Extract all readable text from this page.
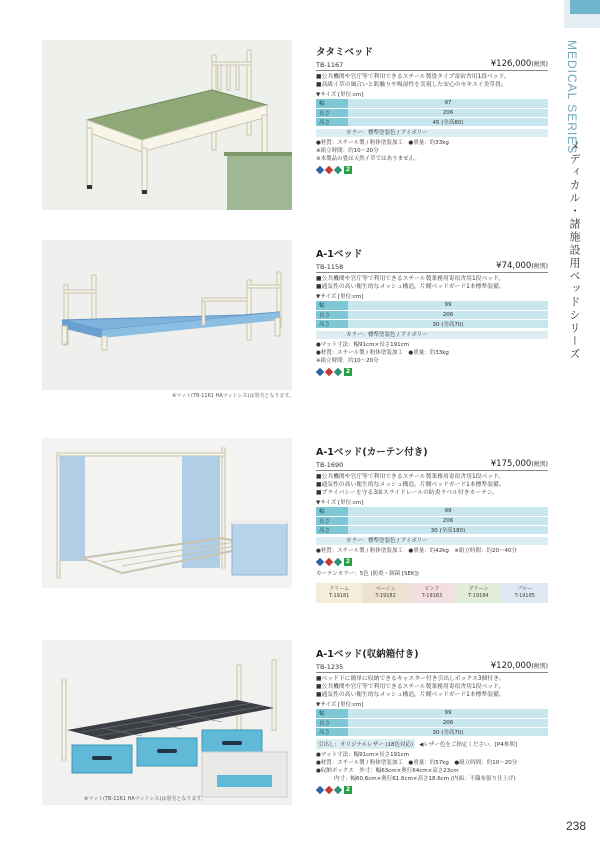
MEDICAL SERIES
メディカル・諸施設用ベッドシリーズ
タタミベッド
TB-1167	¥126,000(税別)
■公共機関や官庁等で利用できるスチール製畳タイプ寄宿舎用1段ベッド。
■高級イ草の風合いと肌触りや吸湿性を実現した安心のセキスイ美草畳。
▼サイズ [単位:cm]
幅	97
長さ	206
高さ	45 (全高80)
カラー：標準塗装色 / アイボリー
●材質：スチール製 / 粉体塗装加工　●重量：約33kg
※組立時間：約10〜20分
※本製品の畳は天然イ草ではありません。
2
※マット(TB-1161 HAマットレス)は別売となります。
A-1ベッド
TB-1158	¥74,000(税別)
■公共機関や官庁等で利用できるスチール製業務用寄宿舎用1段ベッド。
■通気性の高い衛生的なメッシュ構造。片側ベッドガード1本標準装備。
▼サイズ [単位:cm]
幅	99
長さ	206
高さ	30 (全高70)
カラー：標準塗装色 / アイボリー
●マット寸法：幅91cm×長さ191cm
●材質：スチール製 / 粉体塗装加工　●重量：約33kg
※組立時間：約10〜20分
2
A-1ベッド(カーテン付き)
TB-1690	¥175,000(税別)
■公共機関や官庁等で利用できるスチール製業務用寄宿舎用1段ベッド。
■通気性の高い衛生的なメッシュ構造。片側ベッドガード1本標準装備。
■プライバシーを守る3面スライドレールの防炎ラベル付きカーテン。
▼サイズ [単位:cm]
幅	99
長さ	206
高さ	30 (全高180)
カラー：標準塗装色 / アイボリー
●材質：スチール製 / 粉体塗装加工　●重量：約42kg　※組立時間：約20〜40分
2
カーテンカラー：5色 (防炎・制菌 [SEK])
クリーム
T-19181
ベージュ
T-19182
ピンク
T-19183
グリーン
T-19184
ブルー
T-19185
※マット(TB-1161 HAマットレス)は別売となります。
A-1ベッド(収納箱付き)
TB-1235	¥120,000(税別)
■ベッド下に簡単に収納できるキャスター付き引出しボックス3個付き。
■公共機関や官庁等で利用できるスチール製業務用寄宿舎用1段ベッド。
■通気性の高い衛生的なメッシュ構造。片側ベッドガード1本標準装備。
▼サイズ [単位:cm]
幅	99
長さ	206
高さ	30 (全高70)
引出し：オリジナルレザー (18色対応)	◀レザー色をご指定ください。[P4参照]
●マット寸法：幅91cm×長さ191cm
●材質：スチール製 / 粉体塗装加工　●重量：約57kg　●組立時間：約10〜20分
●収納ボックス　外寸：幅63cm×奥行64cm×高さ23cm
内寸：幅60.6cm×奥行61.6cm×高さ18.6cm (内面：不織布張り仕上げ)
2
238
